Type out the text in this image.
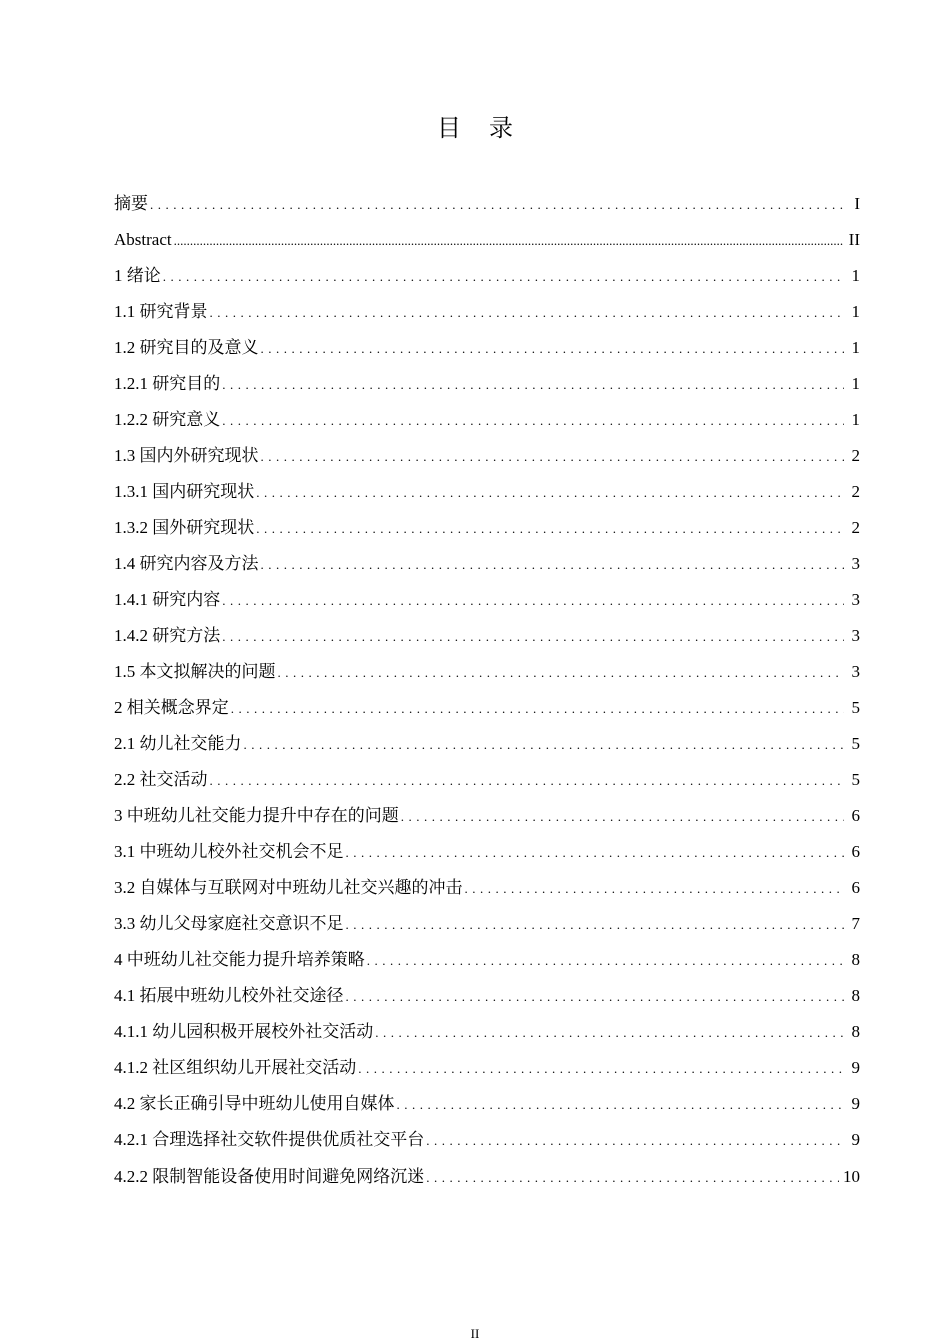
目 录
摘要 .....	I
Abstract .....	II
1 绪论 .....	1
1.1 研究背景 .....	1
1.2 研究目的及意义 .....	1
1.2.1 研究目的 .....	1
1.2.2 研究意义 .....	1
1.3 国内外研究现状 .....	2
1.3.1 国内研究现状 .....	2
1.3.2 国外研究现状 .....	2
1.4 研究内容及方法 .....	3
1.4.1 研究内容 .....	3
1.4.2 研究方法 .....	3
1.5 本文拟解决的问题 .....	3
2 相关概念界定 .....	5
2.1 幼儿社交能力 .....	5
2.2 社交活动 .....	5
3 中班幼儿社交能力提升中存在的问题 .....	6
3.1 中班幼儿校外社交机会不足 .....	6
3.2 自媒体与互联网对中班幼儿社交兴趣的冲击 .....	6
3.3 幼儿父母家庭社交意识不足 .....	7
4 中班幼儿社交能力提升培养策略 .....	8
4.1 拓展中班幼儿校外社交途径 .....	8
4.1.1 幼儿园积极开展校外社交活动 .....	8
4.1.2 社区组织幼儿开展社交活动 .....	9
4.2 家长正确引导中班幼儿使用自媒体 .....	9
4.2.1 合理选择社交软件提供优质社交平台 .....	9
4.2.2 限制智能设备使用时间避免网络沉迷 .....	10
II
